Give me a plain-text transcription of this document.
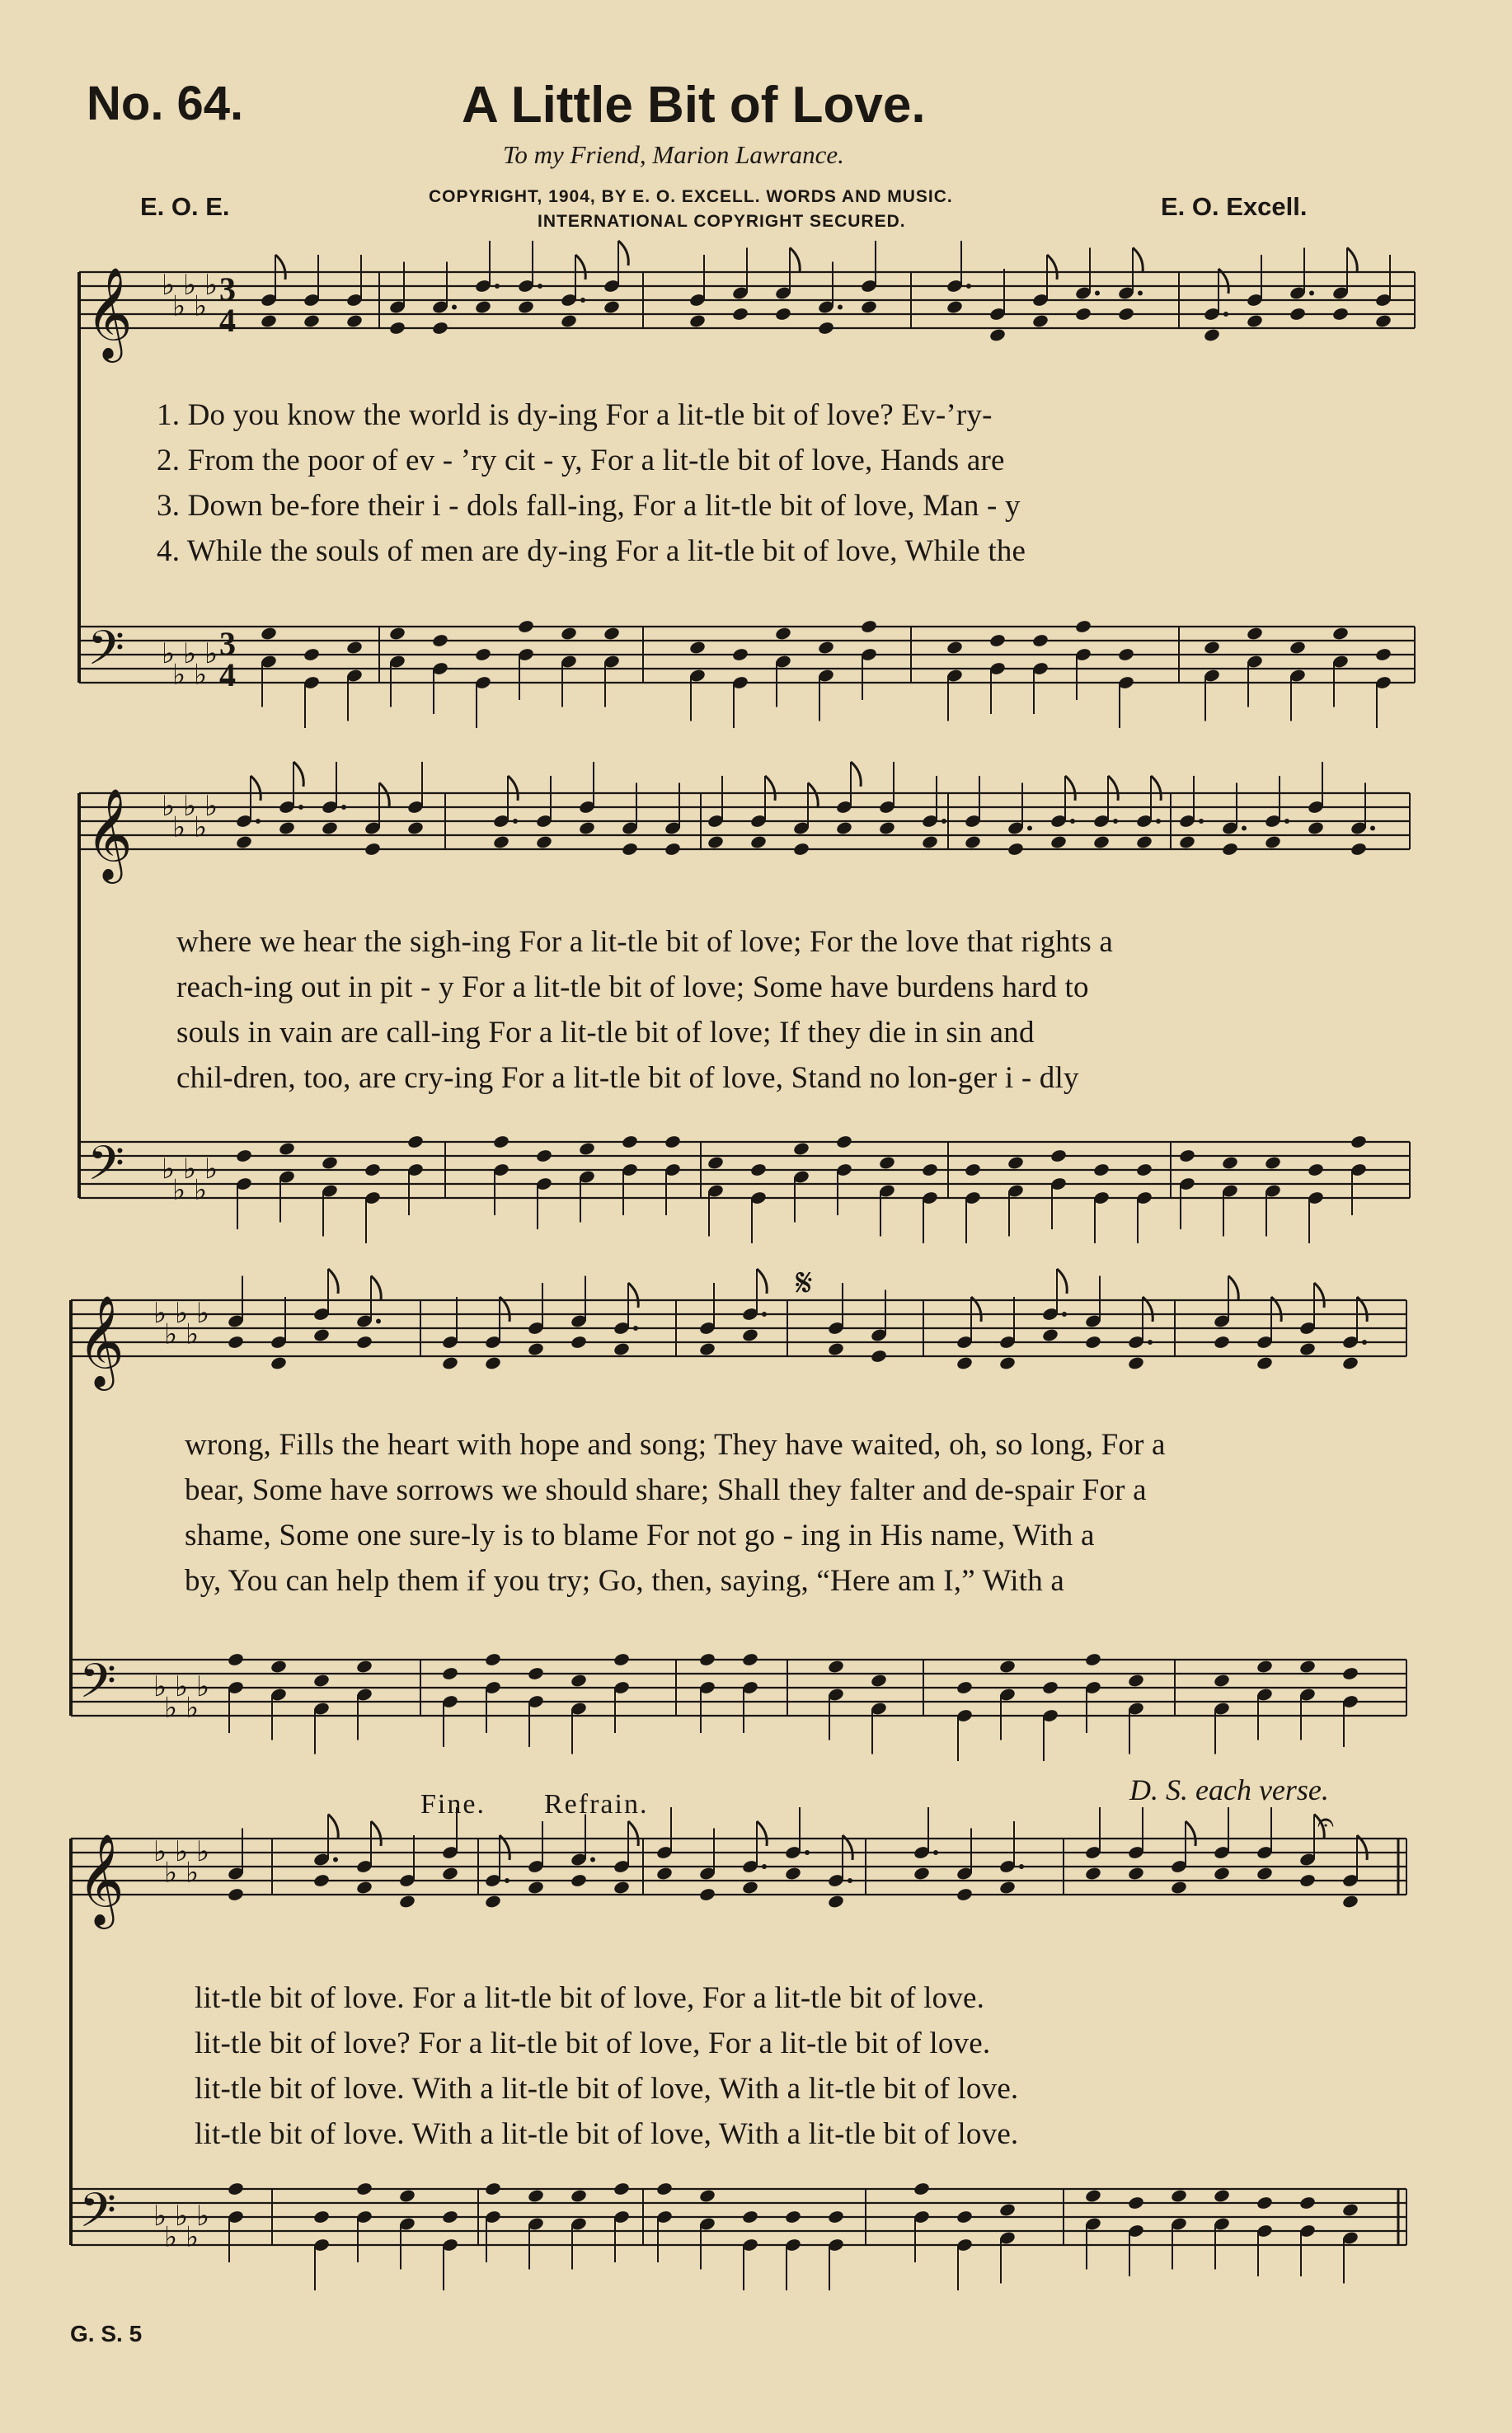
No. 64.	A Little Bit of Love.
To my Friend, Marion Lawrance.
E. O. E.	COPYRIGHT, 1904, BY E. O. EXCELL. WORDS AND MUSIC.
INTERNATIONAL COPYRIGHT SECURED.
E. O. Excell.
𝄞
𝄢
♭
♭
♭
♭
♭
♭
♭
♭
♭
♭
3
4
3
4
𝄞
𝄢
♭
♭
♭
♭
♭
♭
♭
♭
♭
♭
𝄞
𝄢
♭
♭
♭
♭
♭
♭
♭
♭
♭
♭
𝄞
𝄢
♭
♭
♭
♭
♭
♭
♭
♭
♭
♭
𝄋
𝄐
1. Do you know the world is dy-ing For a lit-tle bit of love? Ev-’ry-
2. From the poor of ev - ’ry cit - y, For a lit-tle bit of love, Hands are
3. Down be-fore their i - dols fall-ing, For a lit-tle bit of love, Man - y
4. While the souls of men are dy-ing For a lit-tle bit of love, While the
where we hear the sigh-ing For a lit-tle bit of love; For the love that rights a
reach-ing out in pit - y For a lit-tle bit of love; Some have burdens hard to
souls in vain are call-ing For a lit-tle bit of love; If they die in sin and
chil-dren, too, are cry-ing For a lit-tle bit of love, Stand no lon-ger i - dly
wrong, Fills the heart with hope and song; They have waited, oh, so long, For a
bear, Some have sorrows we should share; Shall they falter and de-spair For a
shame, Some one sure-ly is to blame For not go - ing in His name, With a
by, You can help them if you try; Go, then, saying, “Here am I,” With a
Fine. Refrain.	D. S. each verse.
lit-tle bit of love. For a lit-tle bit of love, For a lit-tle bit of love.
lit-tle bit of love? For a lit-tle bit of love, For a lit-tle bit of love.
lit-tle bit of love. With a lit-tle bit of love, With a lit-tle bit of love.
lit-tle bit of love. With a lit-tle bit of love, With a lit-tle bit of love.
G. S. 5
